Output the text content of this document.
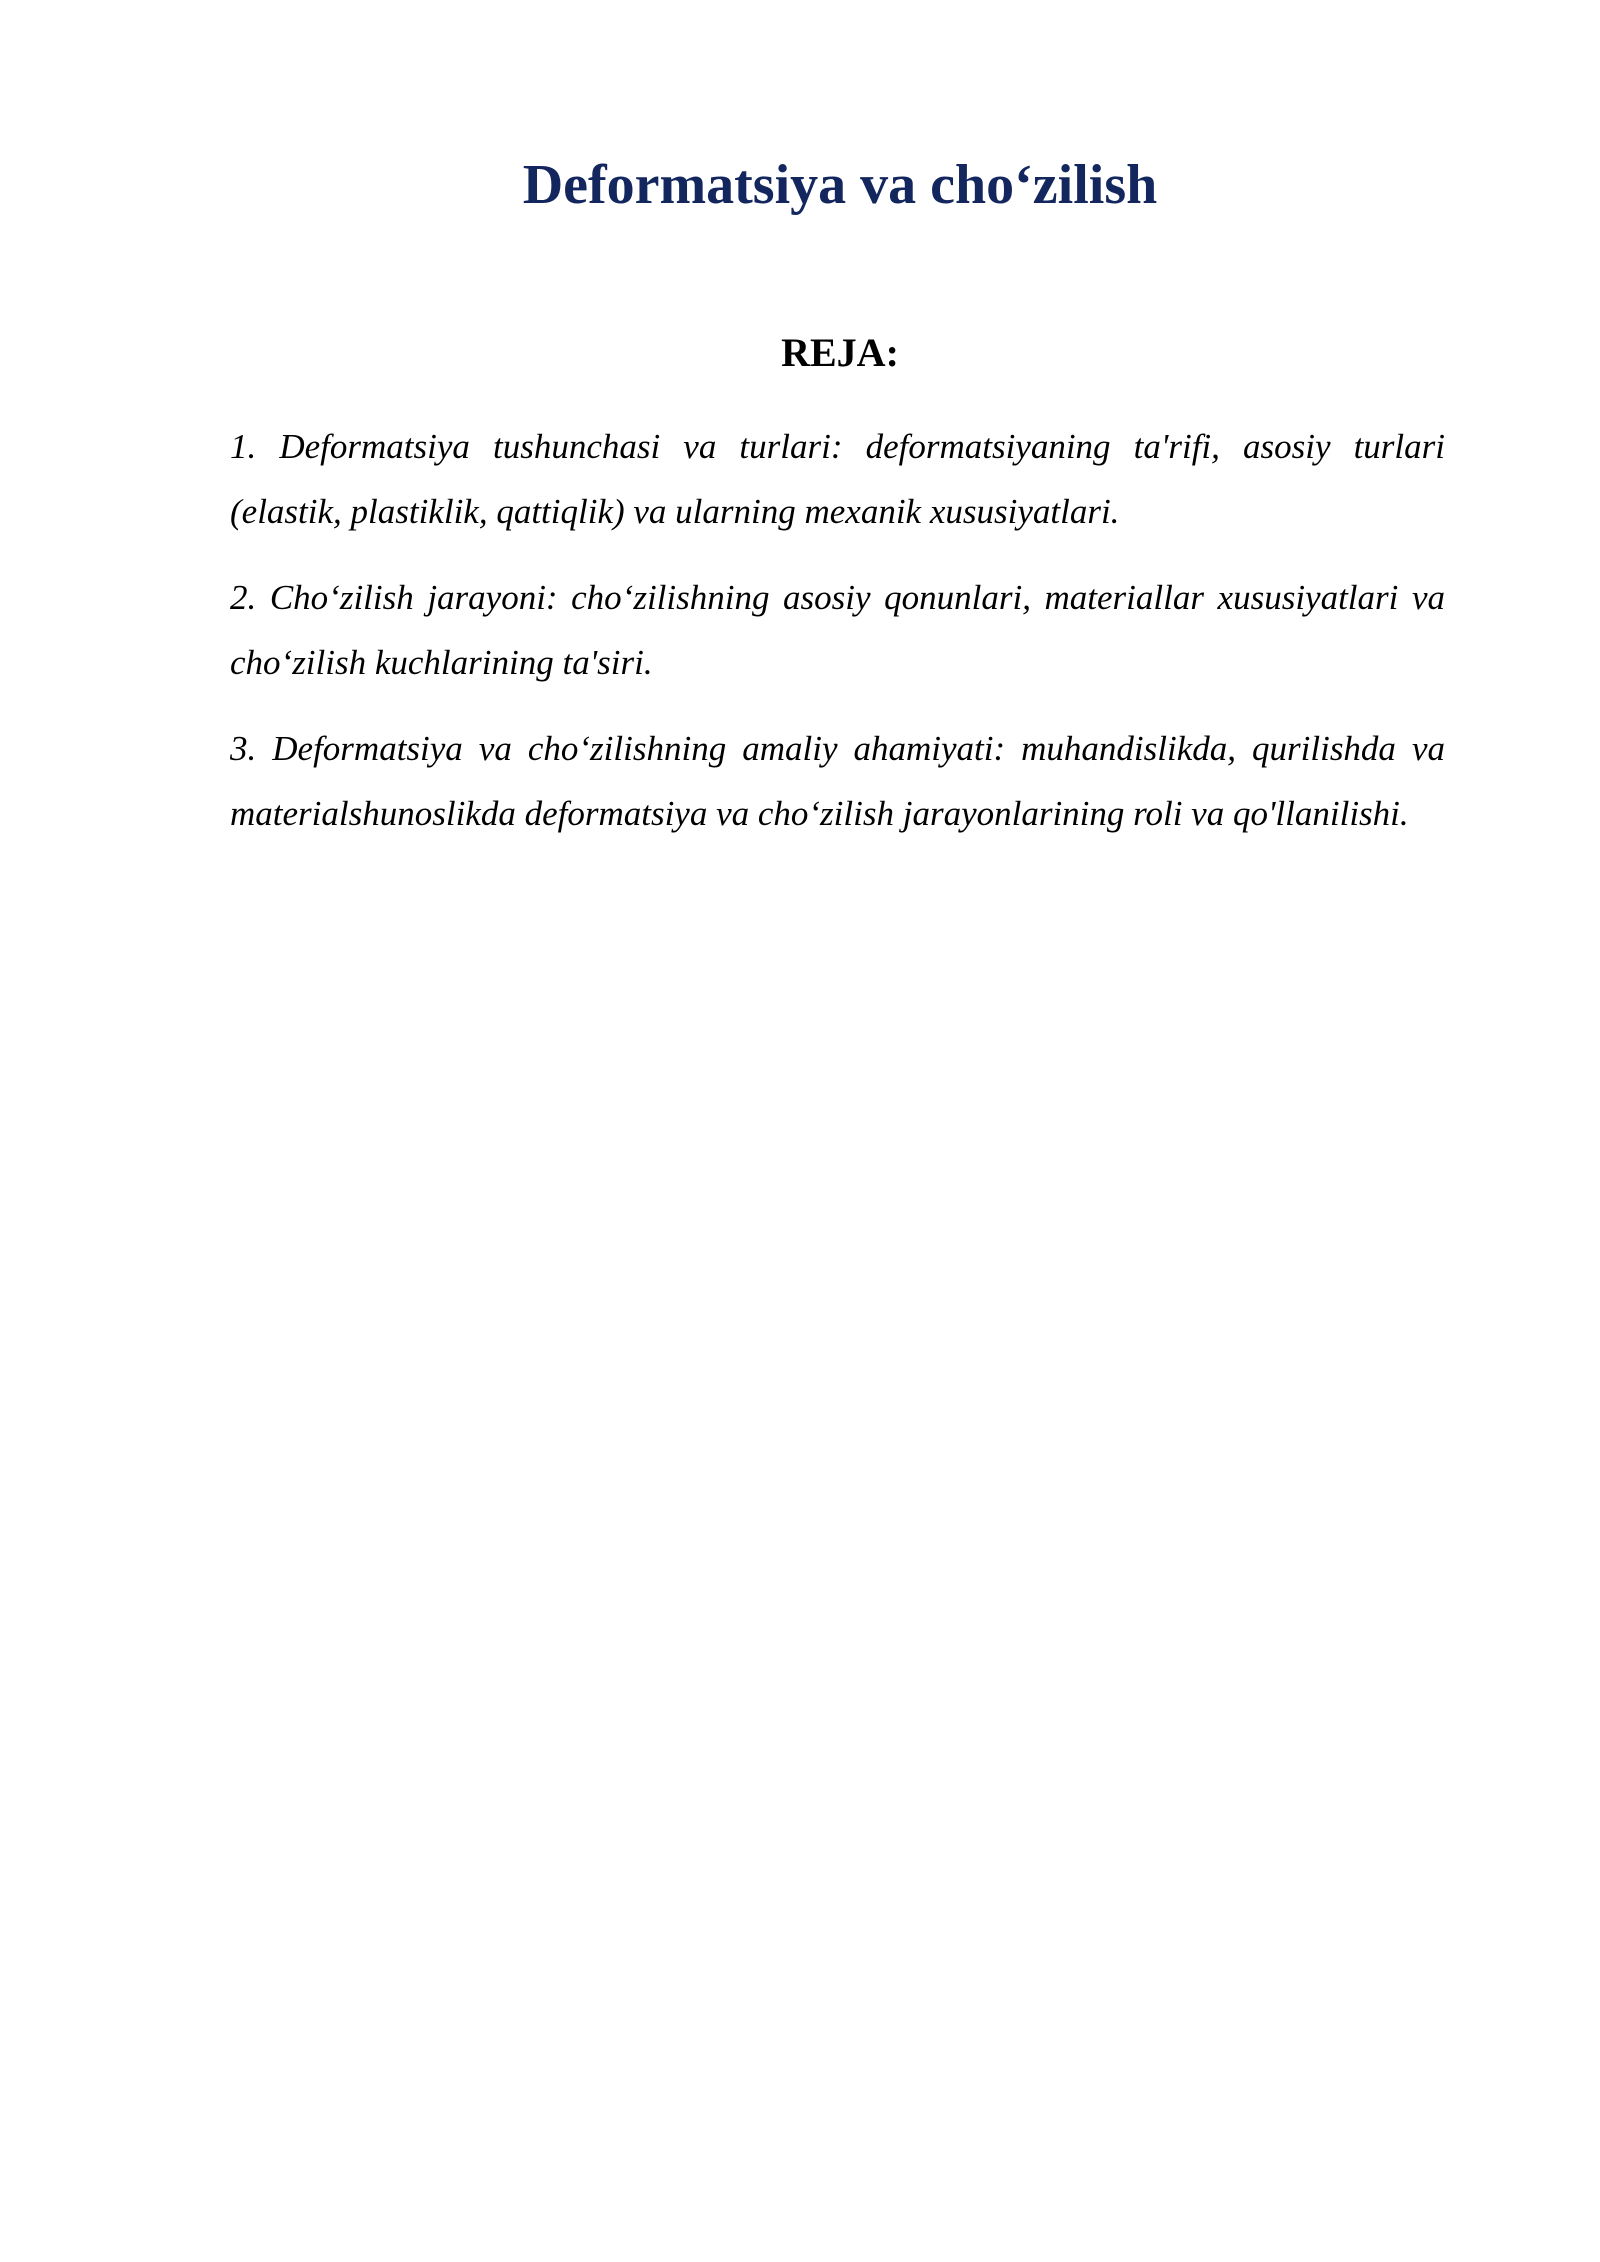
Deformatsiya va cho‘zilish
REJA:
1. Deformatsiya tushunchasi va turlari: deformatsiyaning ta'rifi, asosiy turlari (elastik, plastiklik, qattiqlik) va ularning mexanik xususiyatlari.
2. Cho‘zilish jarayoni: cho‘zilishning asosiy qonunlari, materiallar xususiyatlari va cho‘zilish kuchlarining ta'siri.
3. Deformatsiya va cho‘zilishning amaliy ahamiyati: muhandislikda, qurilishda va materialshunoslikda deformatsiya va cho‘zilish jarayonlarining roli va qo'llanilishi.
